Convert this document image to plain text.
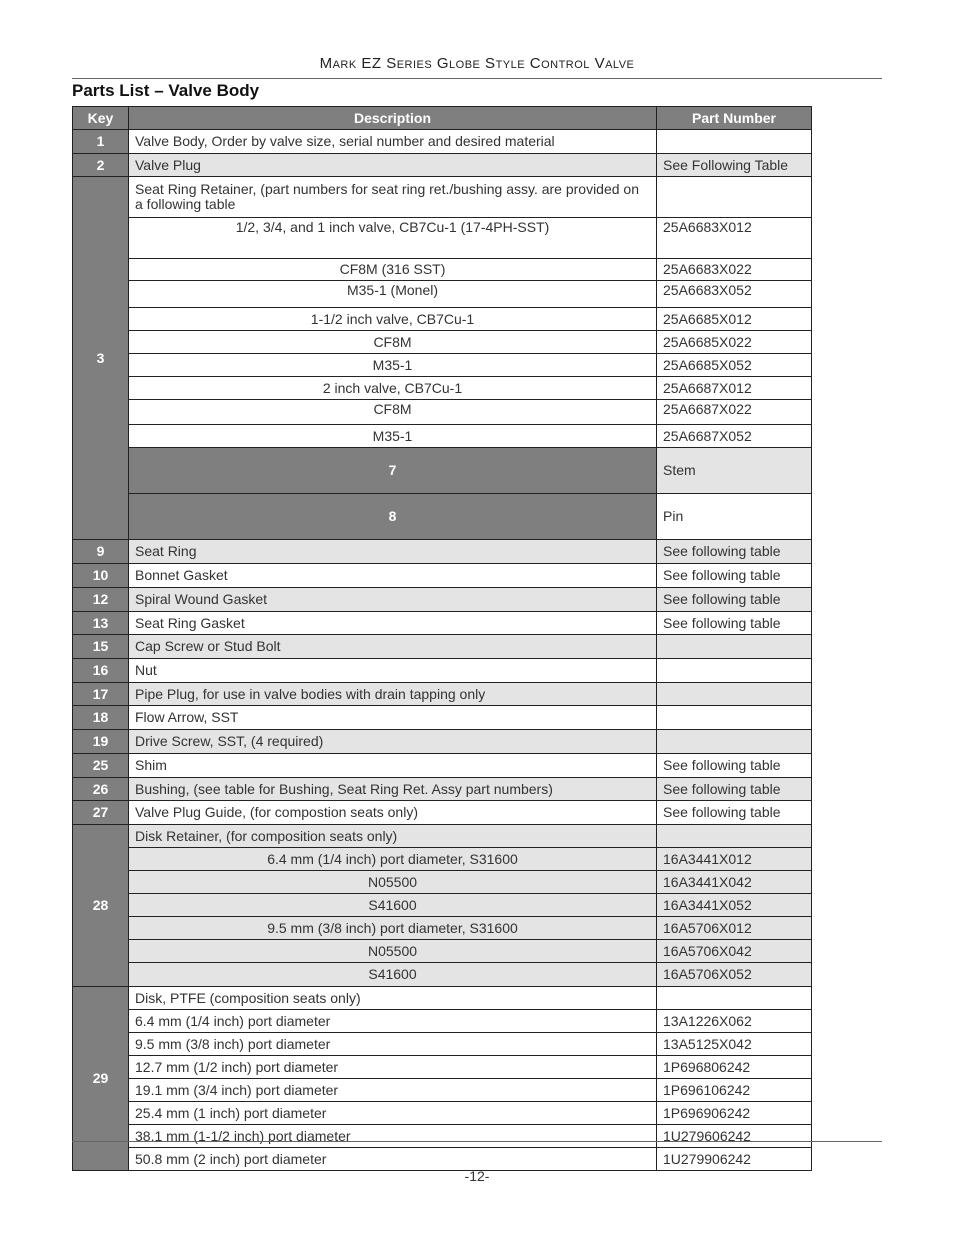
Mark EZ Series Globe Style Control Valve
Parts List – Valve Body
Key	Description	Part Number	
1	Valve Body, Order by valve size, serial number and desired material		
2	Valve Plug	See Following Table	
3	Seat Ring Retainer, (part numbers for seat ring ret./bushing assy. are provided on a following table		
	1/2, 3/4, and 1 inch valve, CB7Cu-1 (17-4PH-SST)	25A6683X012	
	CF8M (316 SST)	25A6683X022	
	M35-1 (Monel)	25A6683X052	
	1-1/2 inch valve, CB7Cu-1	25A6685X012	
	CF8M	25A6685X022	
	M35-1	25A6685X052	
	2 inch valve, CB7Cu-1	25A6687X012	
	CF8M	25A6687X022	
	M35-1	25A6687X052	
	7	Stem	
	8	Pin	
9	Seat Ring	See following table	
10	Bonnet Gasket	See following table	
12	Spiral Wound Gasket	See following table	
13	Seat Ring Gasket	See following table	
15	Cap Screw or Stud Bolt		
16	Nut		
17	Pipe Plug, for use in valve bodies with drain tapping only		
18	Flow Arrow, SST		
19	Drive Screw, SST, (4 required)		
25	Shim	See following table	
26	Bushing, (see table for Bushing, Seat Ring Ret. Assy part numbers)	See following table	
27	Valve Plug Guide, (for compostion seats only)	See following table	
28	Disk Retainer, (for composition seats only)		
	6.4 mm (1/4 inch) port diameter, S31600	16A3441X012	
	N05500	16A3441X042	
	S41600	16A3441X052	
	9.5 mm (3/8 inch) port diameter, S31600	16A5706X012	
	N05500	16A5706X042	
	S41600	16A5706X052	
29	Disk, PTFE (composition seats only)		
	6.4 mm (1/4 inch) port diameter	13A1226X062	
	9.5 mm (3/8 inch) port diameter	13A5125X042	
	12.7 mm (1/2 inch) port diameter	1P696806242	
	19.1 mm (3/4 inch) port diameter	1P696106242	
	25.4 mm (1 inch) port diameter	1P696906242	
	38.1 mm (1-1/2 inch) port diameter	1U279606242	
	50.8 mm (2 inch) port diameter	1U279906242	
-12-
